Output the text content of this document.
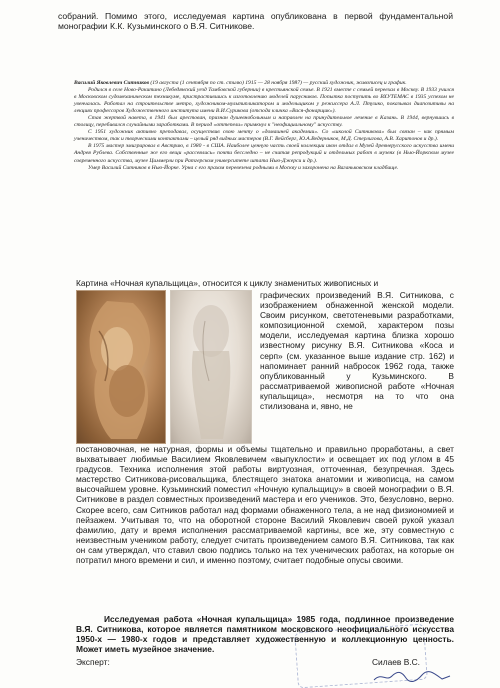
собраний. Помимо этого, исследуемая картина опубликована в первой фундаментальной монографии К.К. Кузьминского о В.Я. Ситникове.

Василий Яковлевич Ситников (19 августа (1 сентября по ст. стилю) 1915 — 28 ноября 1987) — русский художник, живописец и график.

Родился в селе Ново-Ракитино (Лебедянский уезд Тамбовской губернии) в крестьянской семье. В 1921 вместе с семьей переехал в Москву. В 1933 учился в Московском судомеханическом техникуме, пристрастившись к изготовлению моделей парусников. Попытка поступить во ВХУТЕМАС в 1935 успехом не увенчалась. Работал на строительстве метро, художником-мультипликатором и модельщиком у режиссера А.Л. Птушко, показывал диапозитивы на лекциях профессоров Художественного института имени В.И.Сурикова (отсюда кличка «Вася-фонарщик»).

Став жертвой навета, в 1941 был арестован, признан душевнобольным и направлен на принудительное лечение в Казань. В 1944, вернувшись в столицу, перебивался случайными заработками. В период «оттепели» примкнул к "неофициальному" искусству.

С 1951 художник активно преподавал, осуществив свою мечту о «домашней академии». Со «школой Ситникова» был связан – как прямым ученичеством, так и творческими контактами – целый ряд видных мастеров (В.Г. Вейсберг, Ю.А.Ведерников, М.Д. Стерлигова, А.В. Харитонов и др.).

В 1975 мастер эмигрировал в Австрию, в 1980 - в США. Наиболее ценную часть своей коллекции икон отдал в Музей древнерусского искусства имени Андрея Рублева. Собственные же его вещи «рассеялись» почти бесследно – не считая репродукций и отдельных работ в музеях (в Нью-Йоркском музее современного искусства, музее Циммерли при Ратгерском университете штата Нью-Джерси и др.).

Умер Василий Ситников в Нью-Йорке. Урна с его прахом перевезена родными в Москву и захоронена на Ваганьковском кладбище.

Картина «Ночная купальщица», относится к циклу знаменитых живописных и
графических произведений В.Я. Ситникова, с изображением обнаженной женской модели. Своим рисунком, светотеневыми разработками, композиционной схемой, характером позы модели, исследуемая картина близка хорошо известному рисунку В.Я. Ситникова «Коса и серп» (см. указанное выше издание стр. 162) и напоминает ранний набросок 1962 года, также опубликованный у Кузьминского. В рассматриваемой живописной работе «Ночная купальщица», несмотря на то что она стилизована и, явно, не
постановочная, не натурная, формы и объемы тщательно и правильно проработаны, а свет выхватывает любимые Василием Яковлевичем «выпуклости» и освещает их под углом в 45 градусов. Техника исполнения этой работы виртуозная, отточенная, безупречная. Здесь мастерство Ситникова-рисовальщика, блестящего знатока анатомии и живописца, на самом высочайшем уровне. Кузьминский поместил «Ночную купальщицу» в своей монографии о В.Я. Ситникове в раздел совместных произведений мастера и его учеников. Это, безусловно, верно. Скорее всего, сам Ситников работал над формами обнаженного тела, а не над физиономией и пейзажем. Учитывая то, что на оборотной стороне Василий Яковлевич своей рукой указал фамилию, дату и время исполнения рассматриваемой картины, все же, эту совместную с неизвестным учеником работу, следует считать произведением самого В.Я. Ситникова, так как он сам утверждал, что ставил свою подпись только на тех ученических работах, на которые он потратил много времени и сил, и именно поэтому, считает подобные опусы своими.
Исследуемая работа «Ночная купальщица» 1985 года, подлинное произведение В.Я. Ситникова, которое является памятником московского неофициального искусства 1950-х — 1980-х годов и представляет художественную и коллекционную ценность. Может иметь музейное значение.
Эксперт:	Силаев В.С.
